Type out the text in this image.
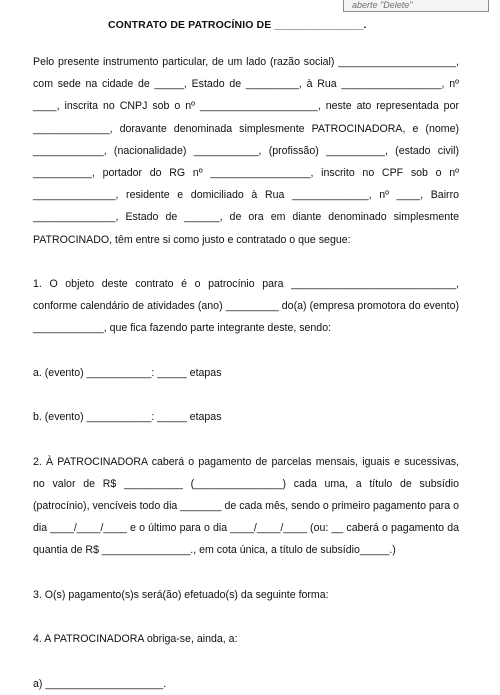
aberte "Delete"
CONTRATO DE PATROCÍNIO DE _______________.

Pelo presente instrumento particular, de um lado (razão social) ____________________, com sede na cidade de _____, Estado de _________, à Rua _________________, nº ____, inscrita no CNPJ sob o nº ____________________, neste ato representada por _____________, doravante denominada simplesmente PATROCINADORA, e (nome) ____________, (nacionalidade) ___________, (profissão) __________, (estado civil) __________, portador do RG nº _________________, inscrito no CPF sob o nº ______________, residente e domiciliado à Rua _____________, nº ____, Bairro ______________, Estado de ______, de ora em diante denominado simplesmente PATROCINADO, têm entre si como justo e contratado o que segue:

1. O objeto deste contrato é o patrocínio para ____________________________, conforme calendário de atividades (ano) _________ do(a) (empresa promotora do evento) ____________, que fica fazendo parte integrante deste, sendo:

a. (evento) ___________: _____ etapas

b. (evento) ___________: _____ etapas

2. À PATROCINADORA caberá o pagamento de parcelas mensais, iguais e sucessivas, no valor de R$ __________ (_______________) cada uma, a título de subsídio (patrocínio), vencíveis todo dia _______ de cada mês, sendo o primeiro pagamento para o dia ____/____/____ e o último para o dia ____/____/____ (ou: __ caberá o pagamento da quantia de R$ _______________., em cota única, a título de subsídio_____.)

3. O(s) pagamento(s)s será(ão) efetuado(s) da seguinte forma:

4. A PATROCINADORA obriga-se, ainda, a:

a) ____________________.
